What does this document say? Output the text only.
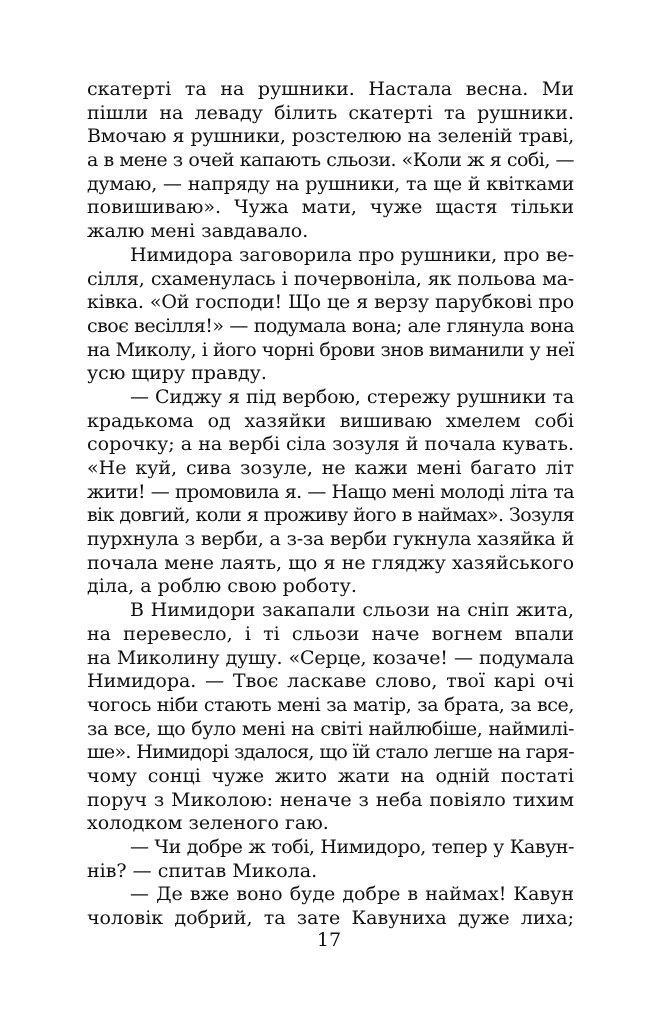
скатерті та на рушники. Настала весна. Ми
пішли на леваду білить скатерті та рушники.
Вмочаю я рушники, розстелюю на зеленій траві,
а в мене з очей капають сльози. «Коли ж я собі, —
думаю, — напряду на рушники, та ще й квітками
повишиваю». Чужа мати, чуже щастя тільки
жалю мені завдавало.
Нимидора заговорила про рушники, про ве-
сілля, схаменулась і почервоніла, як польова ма-
ківка. «Ой господи! Що це я верзу парубкові про
своє весілля!» — подумала вона; але глянула вона
на Миколу, і його чорні брови знов виманили у неї
усю щиру правду.
— Сиджу я під вербою, стережу рушники та
крадькома од хазяйки вишиваю хмелем собі
сорочку; а на вербі сіла зозуля й почала кувать.
«Не куй, сива зозуле, не кажи мені багато літ
жити! — промовила я. — Нащо мені молоді літа та
вік довгий, коли я проживу його в наймах». Зозуля
пурхнула з верби, а з-за верби гукнула хазяйка й
почала мене лаять, що я не гляджу хазяйського
діла, а роблю свою роботу.
В Нимидори закапали сльози на сніп жита,
на перевесло, і ті сльози наче вогнем впали
на Миколину душу. «Серце, козаче! — подумала
Нимидора. — Твоє ласкаве слово, твої карі очі
чогось ніби стають мені за матір, за брата, за все,
за все, що було мені на світі найлюбіше, наймилі-
ше». Нимидорі здалося, що їй стало легше на гаря-
чому сонці чуже жито жати на одній постаті
поруч з Миколою: неначе з неба повіяло тихим
холодком зеленого гаю.
— Чи добре ж тобі, Нимидоро, тепер у Кавун-
нів? — спитав Микола.
— Де вже воно буде добре в наймах! Кавун
чоловік добрий, та зате Кавуниха дуже лиха;
17
